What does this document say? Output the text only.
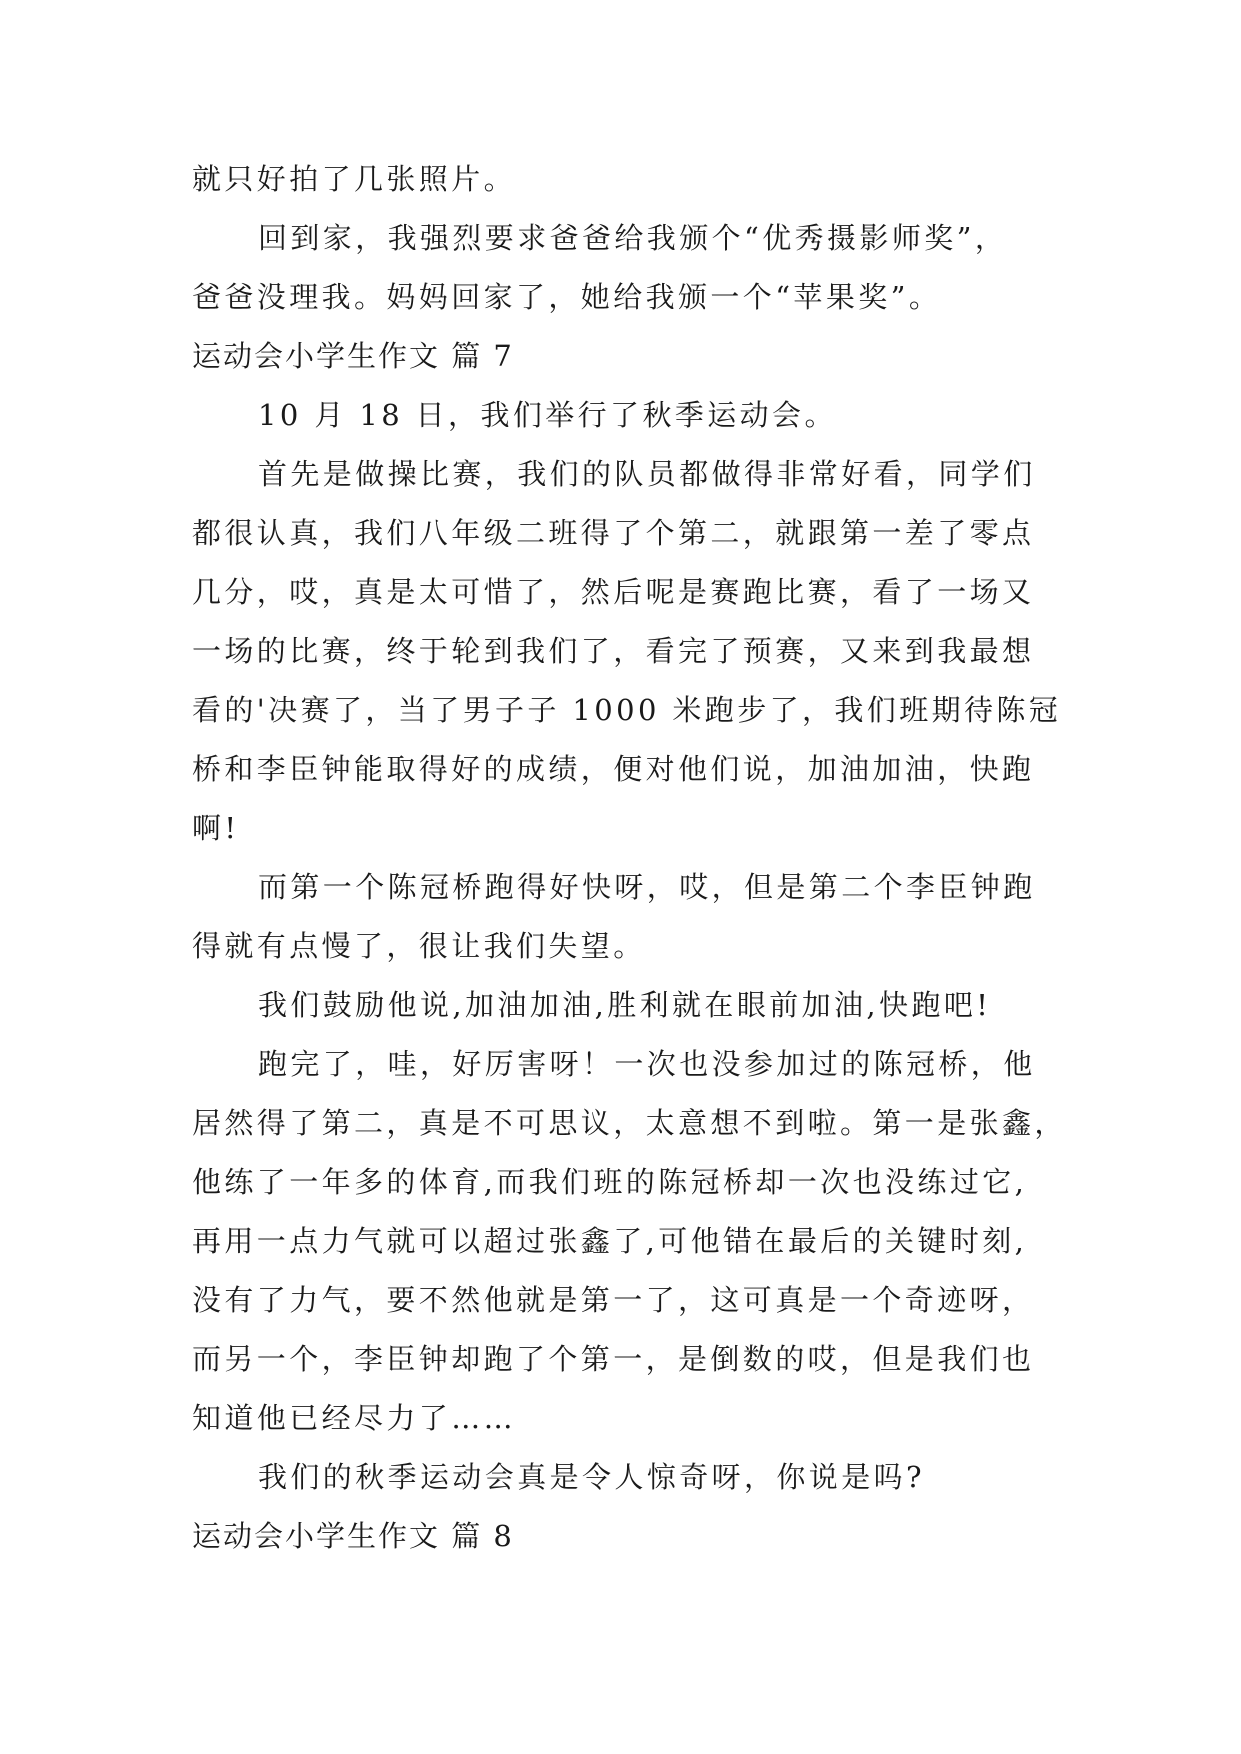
就只好拍了几张照片。
回到家，我强烈要求爸爸给我颁个“优秀摄影师奖”，
爸爸没理我。妈妈回家了，她给我颁一个“苹果奖”。
运动会小学生作文 篇 7
10 月 18 日，我们举行了秋季运动会。
首先是做操比赛，我们的队员都做得非常好看，同学们
都很认真，我们八年级二班得了个第二，就跟第一差了零点
几分，哎，真是太可惜了，然后呢是赛跑比赛，看了一场又
一场的比赛，终于轮到我们了，看完了预赛，又来到我最想
看的'决赛了，当了男子子 1000 米跑步了，我们班期待陈冠
桥和李臣钟能取得好的成绩，便对他们说，加油加油，快跑
啊!
而第一个陈冠桥跑得好快呀，哎，但是第二个李臣钟跑
得就有点慢了，很让我们失望。
我们鼓励他说,加油加油,胜利就在眼前加油,快跑吧!
跑完了，哇，好厉害呀！一次也没参加过的陈冠桥，他
居然得了第二，真是不可思议，太意想不到啦。第一是张鑫，
他练了一年多的体育,而我们班的陈冠桥却一次也没练过它,
再用一点力气就可以超过张鑫了,可他错在最后的关键时刻,
没有了力气，要不然他就是第一了，这可真是一个奇迹呀，
而另一个，李臣钟却跑了个第一，是倒数的哎，但是我们也
知道他已经尽力了……
我们的秋季运动会真是令人惊奇呀，你说是吗?
运动会小学生作文 篇 8
